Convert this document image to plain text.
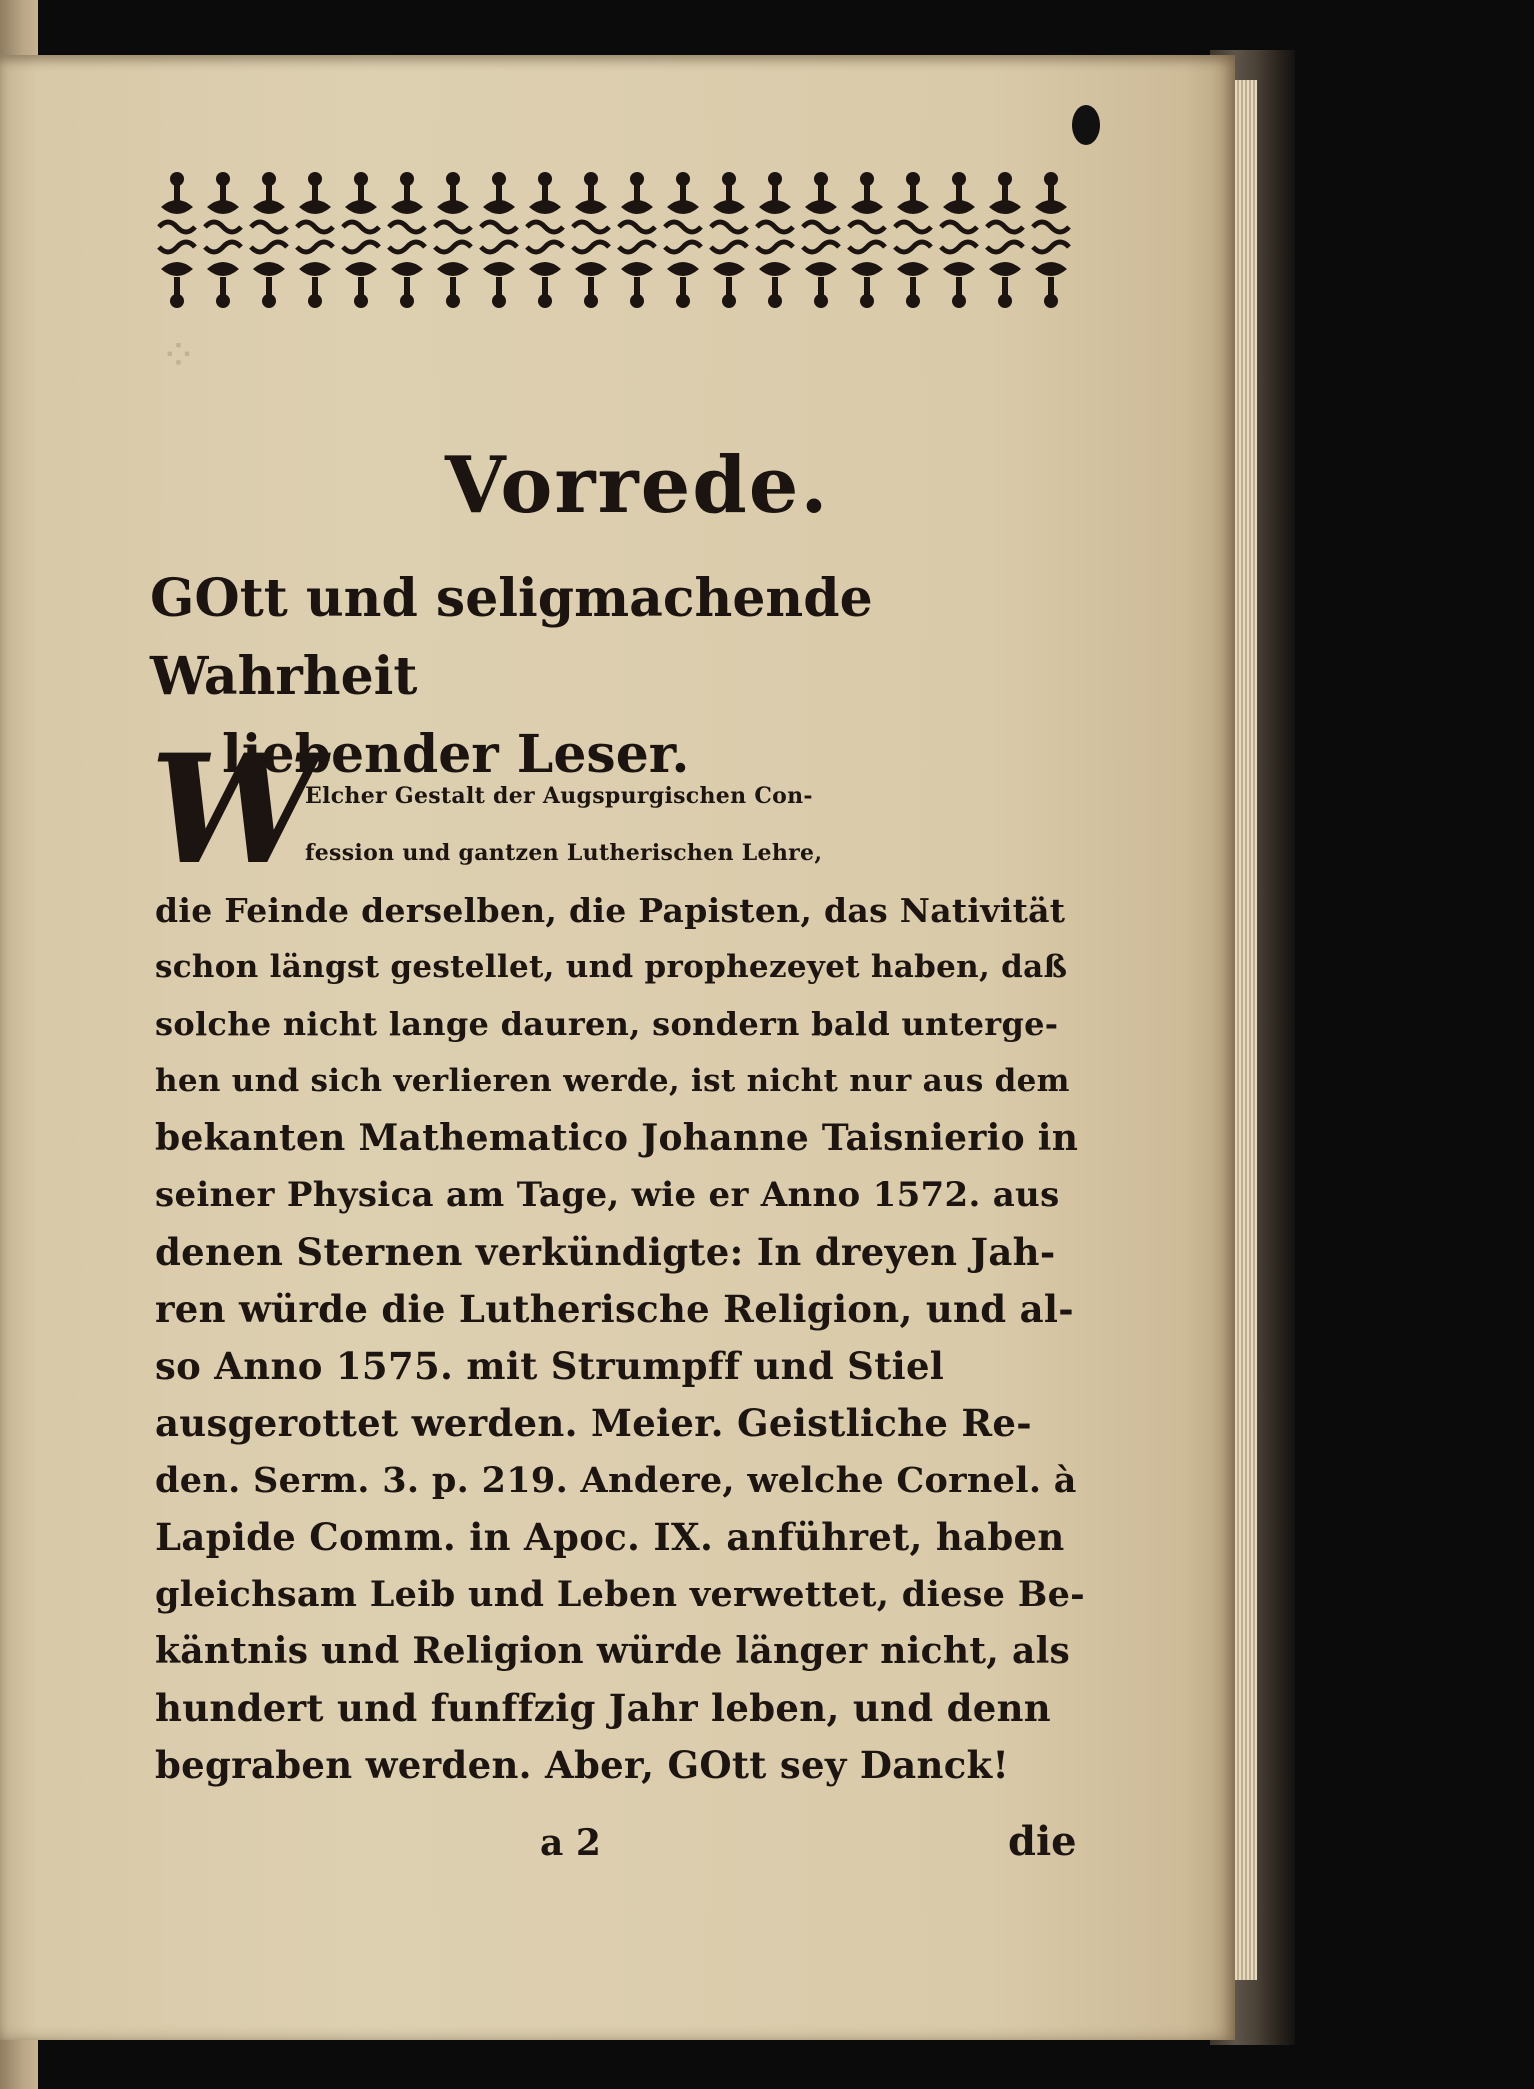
⁘
Vorrede.
GOtt und seligmachende Wahrheit
liebender Leser.
W
Elcher Gestalt der Augspurgischen Con-
fession und gantzen Lutherischen Lehre,
die Feinde derselben, die Papisten, das Nativität
schon längst gestellet, und prophezeyet haben, daß
solche nicht lange dauren, sondern bald unterge-
hen und sich verlieren werde, ist nicht nur aus dem
bekanten Mathematico Johanne Taisnierio in
seiner Physica am Tage, wie er Anno 1572. aus
denen Sternen verkündigte: In dreyen Jah-
ren würde die Lutherische Religion, und al-
so Anno 1575. mit Strumpff und Stiel
ausgerottet werden. Meier. Geistliche Re-
den. Serm. 3. p. 219. Andere, welche Cornel. à
Lapide Comm. in Apoc. IX. anführet, haben
gleichsam Leib und Leben verwettet, diese Be-
käntnis und Religion würde länger nicht, als
hundert und funffzig Jahr leben, und denn
begraben werden. Aber, GOtt sey Danck!
a 2	die
